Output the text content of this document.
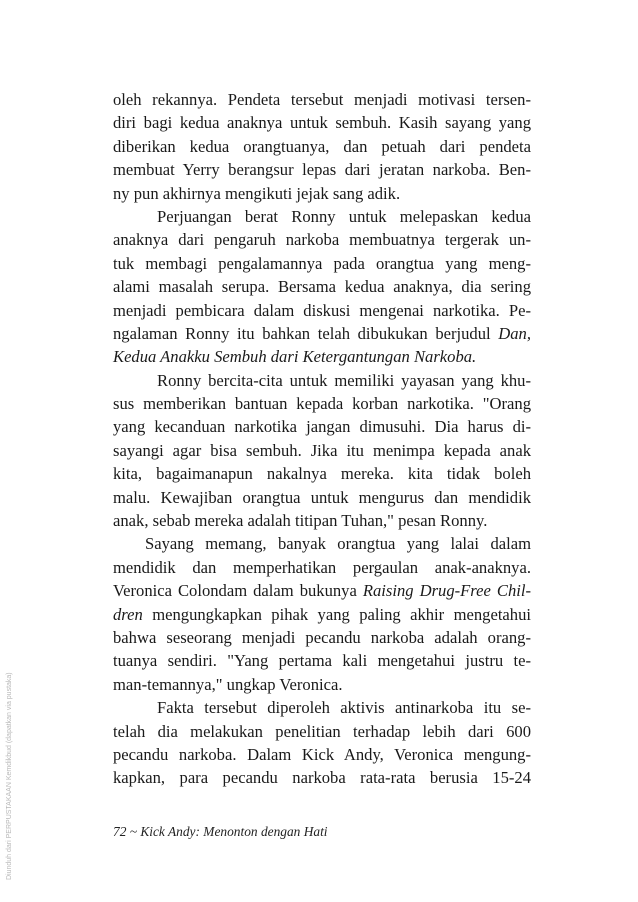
oleh rekannya. Pendeta tersebut menjadi motivasi tersen-
diri bagi kedua anaknya untuk sembuh. Kasih sayang yang
diberikan kedua orangtuanya, dan petuah dari pendeta
membuat Yerry berangsur lepas dari jeratan narkoba. Ben-
ny pun akhirnya mengikuti jejak sang adik.
Perjuangan berat Ronny untuk melepaskan kedua
anaknya dari pengaruh narkoba membuatnya tergerak un-
tuk membagi pengalamannya pada orangtua yang meng-
alami masalah serupa. Bersama kedua anaknya, dia sering
menjadi pembicara dalam diskusi mengenai narkotika. Pe-
ngalaman Ronny itu bahkan telah dibukukan berjudul Dan,
Kedua Anakku Sembuh dari Ketergantungan Narkoba.
Ronny bercita-cita untuk memiliki yayasan yang khu-
sus memberikan bantuan kepada korban narkotika. "Orang
yang kecanduan narkotika jangan dimusuhi. Dia harus di-
sayangi agar bisa sembuh. Jika itu menimpa kepada anak
kita, bagaimanapun nakalnya mereka. kita tidak boleh
malu. Kewajiban orangtua untuk mengurus dan mendidik
anak, sebab mereka adalah titipan Tuhan," pesan Ronny.
Sayang memang, banyak orangtua yang lalai dalam
mendidik dan memperhatikan pergaulan anak-anaknya.
Veronica Colondam dalam bukunya Raising Drug-Free Chil-
dren mengungkapkan pihak yang paling akhir mengetahui
bahwa seseorang menjadi pecandu narkoba adalah orang-
tuanya sendiri. "Yang pertama kali mengetahui justru te-
man-temannya," ungkap Veronica.
Fakta tersebut diperoleh aktivis antinarkoba itu se-
telah dia melakukan penelitian terhadap lebih dari 600
pecandu narkoba. Dalam Kick Andy, Veronica mengung-
kapkan, para pecandu narkoba rata-rata berusia 15-24
72 ~ Kick Andy: Menonton dengan Hati
Diunduh dari PERPUSTAKAAN Kemdikbud (dapatkan via pustaka)
